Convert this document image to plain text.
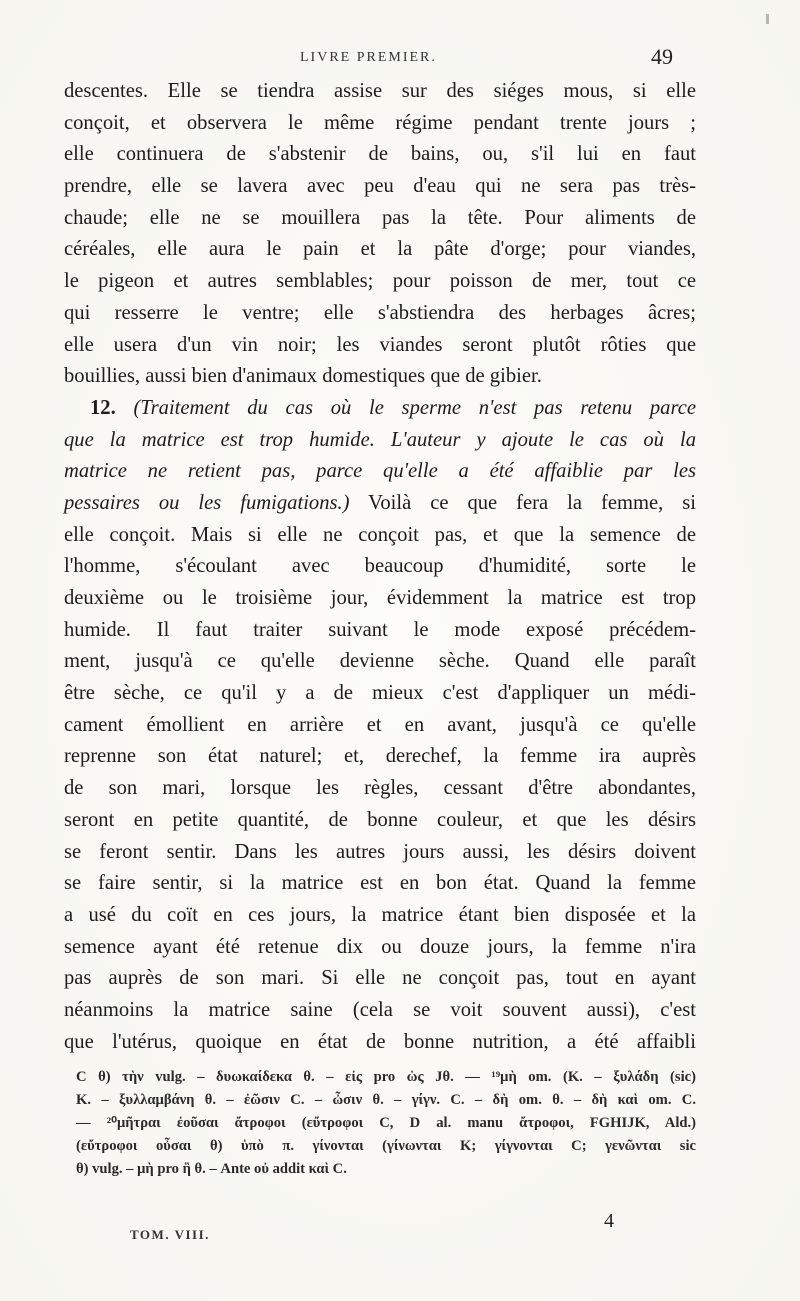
LIVRE PREMIER.	49
descentes. Elle se tiendra assise sur des siéges mous, si elle
conçoit, et observera le même régime pendant trente jours ;
elle continuera de s'abstenir de bains, ou, s'il lui en faut
prendre, elle se lavera avec peu d'eau qui ne sera pas très-
chaude; elle ne se mouillera pas la tête. Pour aliments de
céréales, elle aura le pain et la pâte d'orge; pour viandes,
le pigeon et autres semblables; pour poisson de mer, tout ce
qui resserre le ventre; elle s'abstiendra des herbages âcres;
elle usera d'un vin noir; les viandes seront plutôt rôties que
bouillies, aussi bien d'animaux domestiques que de gibier.
12. (Traitement du cas où le sperme n'est pas retenu parce
que la matrice est trop humide. L'auteur y ajoute le cas où la
matrice ne retient pas, parce qu'elle a été affaiblie par les
pessaires ou les fumigations.) Voilà ce que fera la femme, si
elle conçoit. Mais si elle ne conçoit pas, et que la semence de
l'homme, s'écoulant avec beaucoup d'humidité, sorte le
deuxième ou le troisième jour, évidemment la matrice est trop
humide. Il faut traiter suivant le mode exposé précédem-
ment, jusqu'à ce qu'elle devienne sèche. Quand elle paraît
être sèche, ce qu'il y a de mieux c'est d'appliquer un médi-
cament émollient en arrière et en avant, jusqu'à ce qu'elle
reprenne son état naturel; et, derechef, la femme ira auprès
de son mari, lorsque les règles, cessant d'être abondantes,
seront en petite quantité, de bonne couleur, et que les désirs
se feront sentir. Dans les autres jours aussi, les désirs doivent
se faire sentir, si la matrice est en bon état. Quand la femme
a usé du coït en ces jours, la matrice étant bien disposée et la
semence ayant été retenue dix ou douze jours, la femme n'ira
pas auprès de son mari. Si elle ne conçoit pas, tout en ayant
néanmoins la matrice saine (cela se voit souvent aussi), c'est
que l'utérus, quoique en état de bonne nutrition, a été affaibli
C θ) τὴν vulg. – δυωκαίδεκα θ. – εἰς pro ὡς Jθ. — ¹⁹μὴ om. (K. – ξυλάδη (sic)
K. – ξυλλαμβάνη θ. – ἐῶσιν C. – ὦσιν θ. – γίγν. C. – δὴ om. θ. – δὴ καὶ om. C.
— ²⁰μῆτραι ἐοῦσαι ἄτροφοι (εὔτροφοι C, D al. manu ἄτροφοι, FGHIJK, Ald.)
(εὔτροφοι οὖσαι θ) ὑπὸ π. γίνονται (γίνωνται K; γίγνονται C; γενῶνται sic
θ) vulg. – μὴ pro ἢ θ. – Ante οὐ addit καὶ C.
TOM. VIII.
4
